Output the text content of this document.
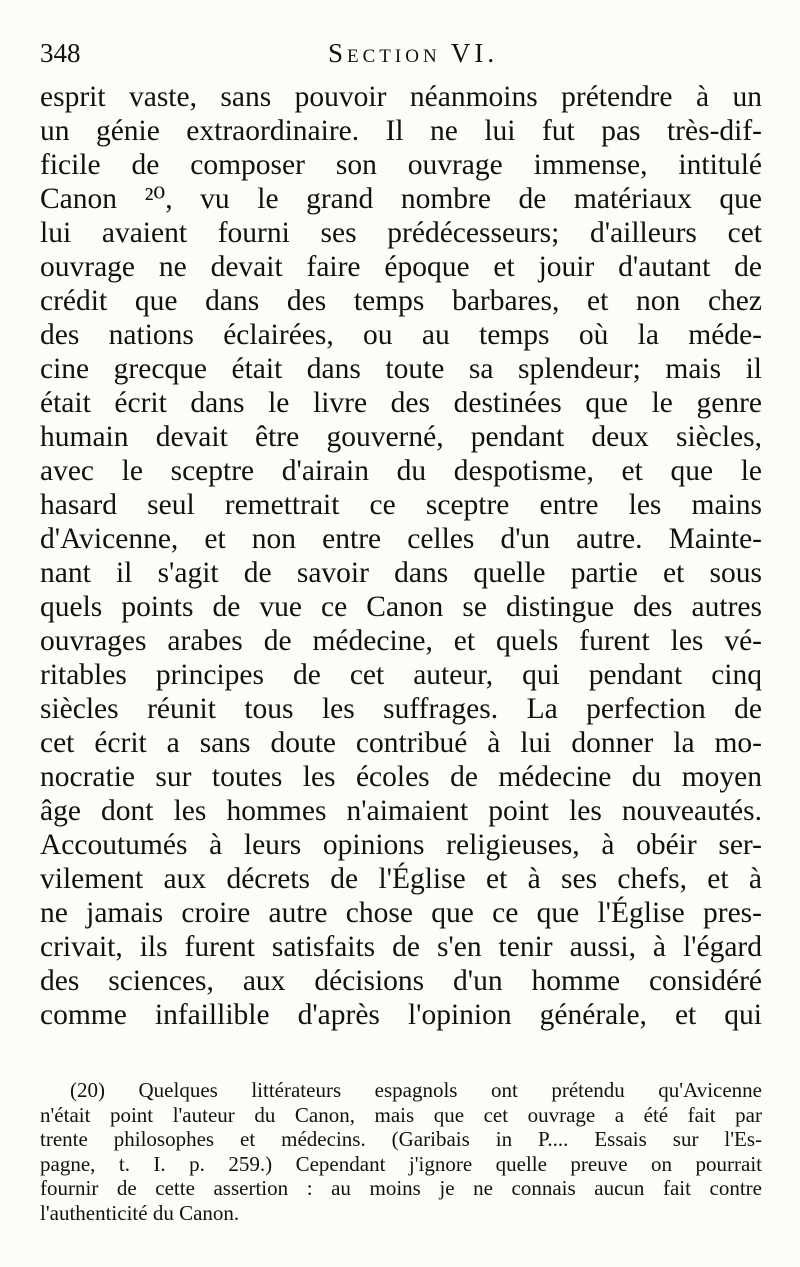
348	Section VI.
esprit vaste, sans pouvoir néanmoins prétendre à un
un génie extraordinaire. Il ne lui fut pas très-dif-
ficile de composer son ouvrage immense, intitulé
Canon ²⁰, vu le grand nombre de matériaux que
lui avaient fourni ses prédécesseurs; d'ailleurs cet
ouvrage ne devait faire époque et jouir d'autant de
crédit que dans des temps barbares, et non chez
des nations éclairées, ou au temps où la méde-
cine grecque était dans toute sa splendeur; mais il
était écrit dans le livre des destinées que le genre
humain devait être gouverné, pendant deux siècles,
avec le sceptre d'airain du despotisme, et que le
hasard seul remettrait ce sceptre entre les mains
d'Avicenne, et non entre celles d'un autre. Mainte-
nant il s'agit de savoir dans quelle partie et sous
quels points de vue ce Canon se distingue des autres
ouvrages arabes de médecine, et quels furent les vé-
ritables principes de cet auteur, qui pendant cinq
siècles réunit tous les suffrages. La perfection de
cet écrit a sans doute contribué à lui donner la mo-
nocratie sur toutes les écoles de médecine du moyen
âge dont les hommes n'aimaient point les nouveautés.
Accoutumés à leurs opinions religieuses, à obéir ser-
vilement aux décrets de l'Église et à ses chefs, et à
ne jamais croire autre chose que ce que l'Église pres-
crivait, ils furent satisfaits de s'en tenir aussi, à l'égard
des sciences, aux décisions d'un homme considéré
comme infaillible d'après l'opinion générale, et qui
(20) Quelques littérateurs espagnols ont prétendu qu'Avicenne
n'était point l'auteur du Canon, mais que cet ouvrage a été fait par
trente philosophes et médecins. (Garibais in P.... Essais sur l'Es-
pagne, t. I. p. 259.) Cependant j'ignore quelle preuve on pourrait
fournir de cette assertion : au moins je ne connais aucun fait contre
l'authenticité du Canon.
